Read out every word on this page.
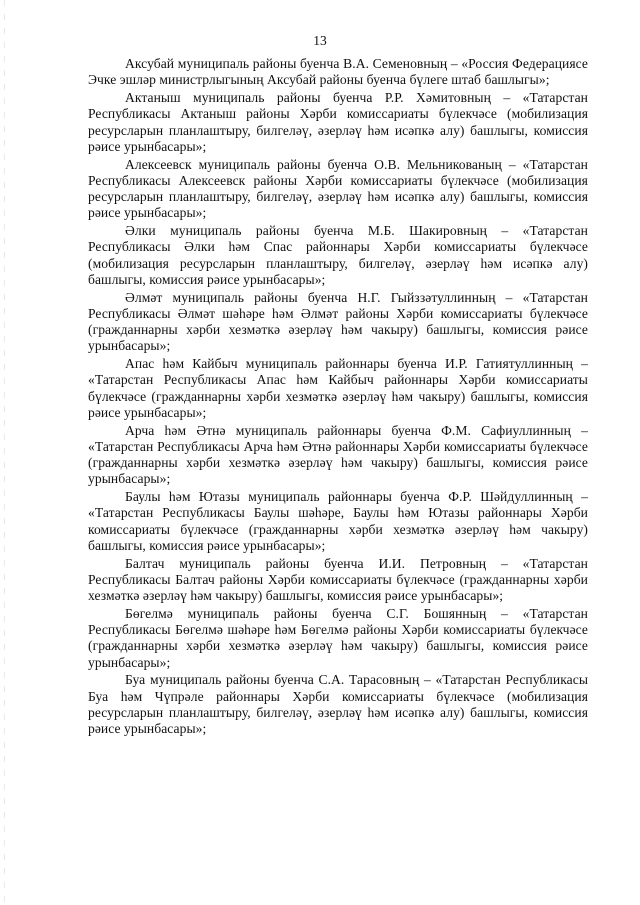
13

Аксубай муниципаль районы буенча В.А. Семеновның – «Россия Федерациясе Эчке эшләр министрлыгының Аксубай районы буенча бүлеге штаб башлыгы»;

Актаныш муниципаль районы буенча Р.Р. Хәмитовның – «Татарстан Республикасы Актаныш районы Хәрби комиссариаты бүлекчәсе (мобилизация ресурсларын планлаштыру, билгеләү, әзерләү һәм исәпкә алу) башлыгы, комиссия рәисе урынбасары»;

Алексеевск муниципаль районы буенча О.В. Мельникованың – «Татарстан Республикасы Алексеевск районы Хәрби комиссариаты бүлекчәсе (мобилизация ресурсларын планлаштыру, билгеләү, әзерләү һәм исәпкә алу) башлыгы, комиссия рәисе урынбасары»;

Әлки муниципаль районы буенча М.Б. Шакировның – «Татарстан Республикасы Әлки һәм Спас районнары Хәрби комиссариаты бүлекчәсе (мобилизация ресурсларын планлаштыру, билгеләү, әзерләү һәм исәпкә алу) башлыгы, комиссия рәисе урынбасары»;

Әлмәт муниципаль районы буенча Н.Г. Гыйззәтуллинның – «Татарстан Республикасы Әлмәт шәһәре һәм Әлмәт районы Хәрби комиссариаты бүлекчәсе (гражданнарны хәрби хезмәткә әзерләү һәм чакыру) башлыгы, комиссия рәисе урынбасары»;

Апас һәм Кайбыч муниципаль районнары буенча И.Р. Гатиятуллинның – «Татарстан Республикасы Апас һәм Кайбыч районнары Хәрби комиссариаты бүлекчәсе (гражданнарны хәрби хезмәткә әзерләү һәм чакыру) башлыгы, комиссия рәисе урынбасары»;

Арча һәм Әтнә муниципаль районнары буенча Ф.М. Сафиуллинның – «Татарстан Республикасы Арча һәм Әтнә районнары Хәрби комиссариаты бүлекчәсе (гражданнарны хәрби хезмәткә әзерләү һәм чакыру) башлыгы, комиссия рәисе урынбасары»;

Баулы һәм Ютазы муниципаль районнары буенча Ф.Р. Шәйдуллинның – «Татарстан Республикасы Баулы шәһәре, Баулы һәм Ютазы районнары Хәрби комиссариаты бүлекчәсе (гражданнарны хәрби хезмәткә әзерләү һәм чакыру) башлыгы, комиссия рәисе урынбасары»;

Балтач муниципаль районы буенча И.И. Петровның – «Татарстан Республикасы Балтач районы Хәрби комиссариаты бүлекчәсе (гражданнарны хәрби хезмәткә әзерләү һәм чакыру) башлыгы, комиссия рәисе урынбасары»;

Бөгелмә муниципаль районы буенча С.Г. Бошянның – «Татарстан Республикасы Бөгелмә шәһәре һәм Бөгелмә районы Хәрби комиссариаты бүлекчәсе (гражданнарны хәрби хезмәткә әзерләү һәм чакыру) башлыгы, комиссия рәисе урынбасары»;

Буа муниципаль районы буенча С.А. Тарасовның – «Татарстан Республикасы Буа һәм Чүпрәле районнары Хәрби комиссариаты бүлекчәсе (мобилизация ресурсларын планлаштыру, билгеләү, әзерләү һәм исәпкә алу) башлыгы, комиссия рәисе урынбасары»;
